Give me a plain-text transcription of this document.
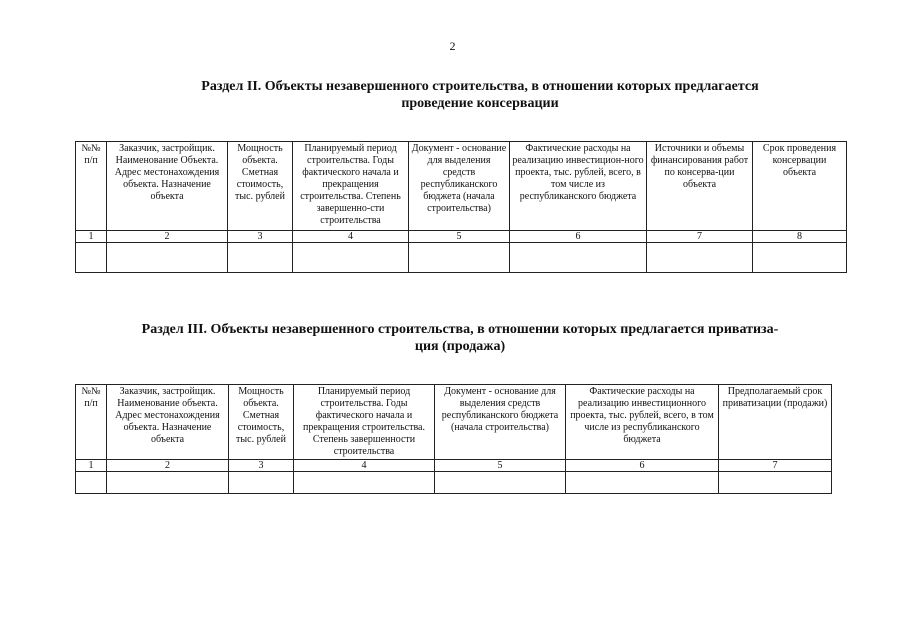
2
Раздел II. Объекты незавершенного строительства, в отношении которых предлагается
проведение консервации
№№ п/п	Заказчик, застройщик. Наименование Объекта. Адрес местонахождения объекта. Назначение объекта	Мощность объекта. Сметная стоимость, тыс. рублей	Планируемый период строительства. Годы фактического начала и прекращения строительства. Степень завершенно-сти строительства	Документ - основание для выделения средств республиканского бюджета (начала строительства)	Фактические расходы на реализацию инвестицион-ного проекта, тыс. рублей, всего, в том числе из республиканского бюджета	Источники и объемы финансирования работ по консерва-ции объекта	Срок проведения консервации объекта
1	2	3	4	5	6	7	8

Раздел III. Объекты незавершенного строительства, в отношении которых предлагается приватиза-
ция (продажа)
№№ п/п	Заказчик, застройщик. Наименование объекта. Адрес местонахождения объекта. Назначение объекта	Мощность объекта. Сметная стоимость, тыс. рублей	Планируемый период строительства. Годы фактического начала и прекращения строительства. Степень завершенности строительства	Документ - основание для выделения средств республиканского бюджета (начала строительства)	Фактические расходы на реализацию инвестиционного проекта, тыс. рублей, всего, в том числе из республиканского бюджета	Предполагаемый срок приватизации (продажи)
1	2	3	4	5	6	7
